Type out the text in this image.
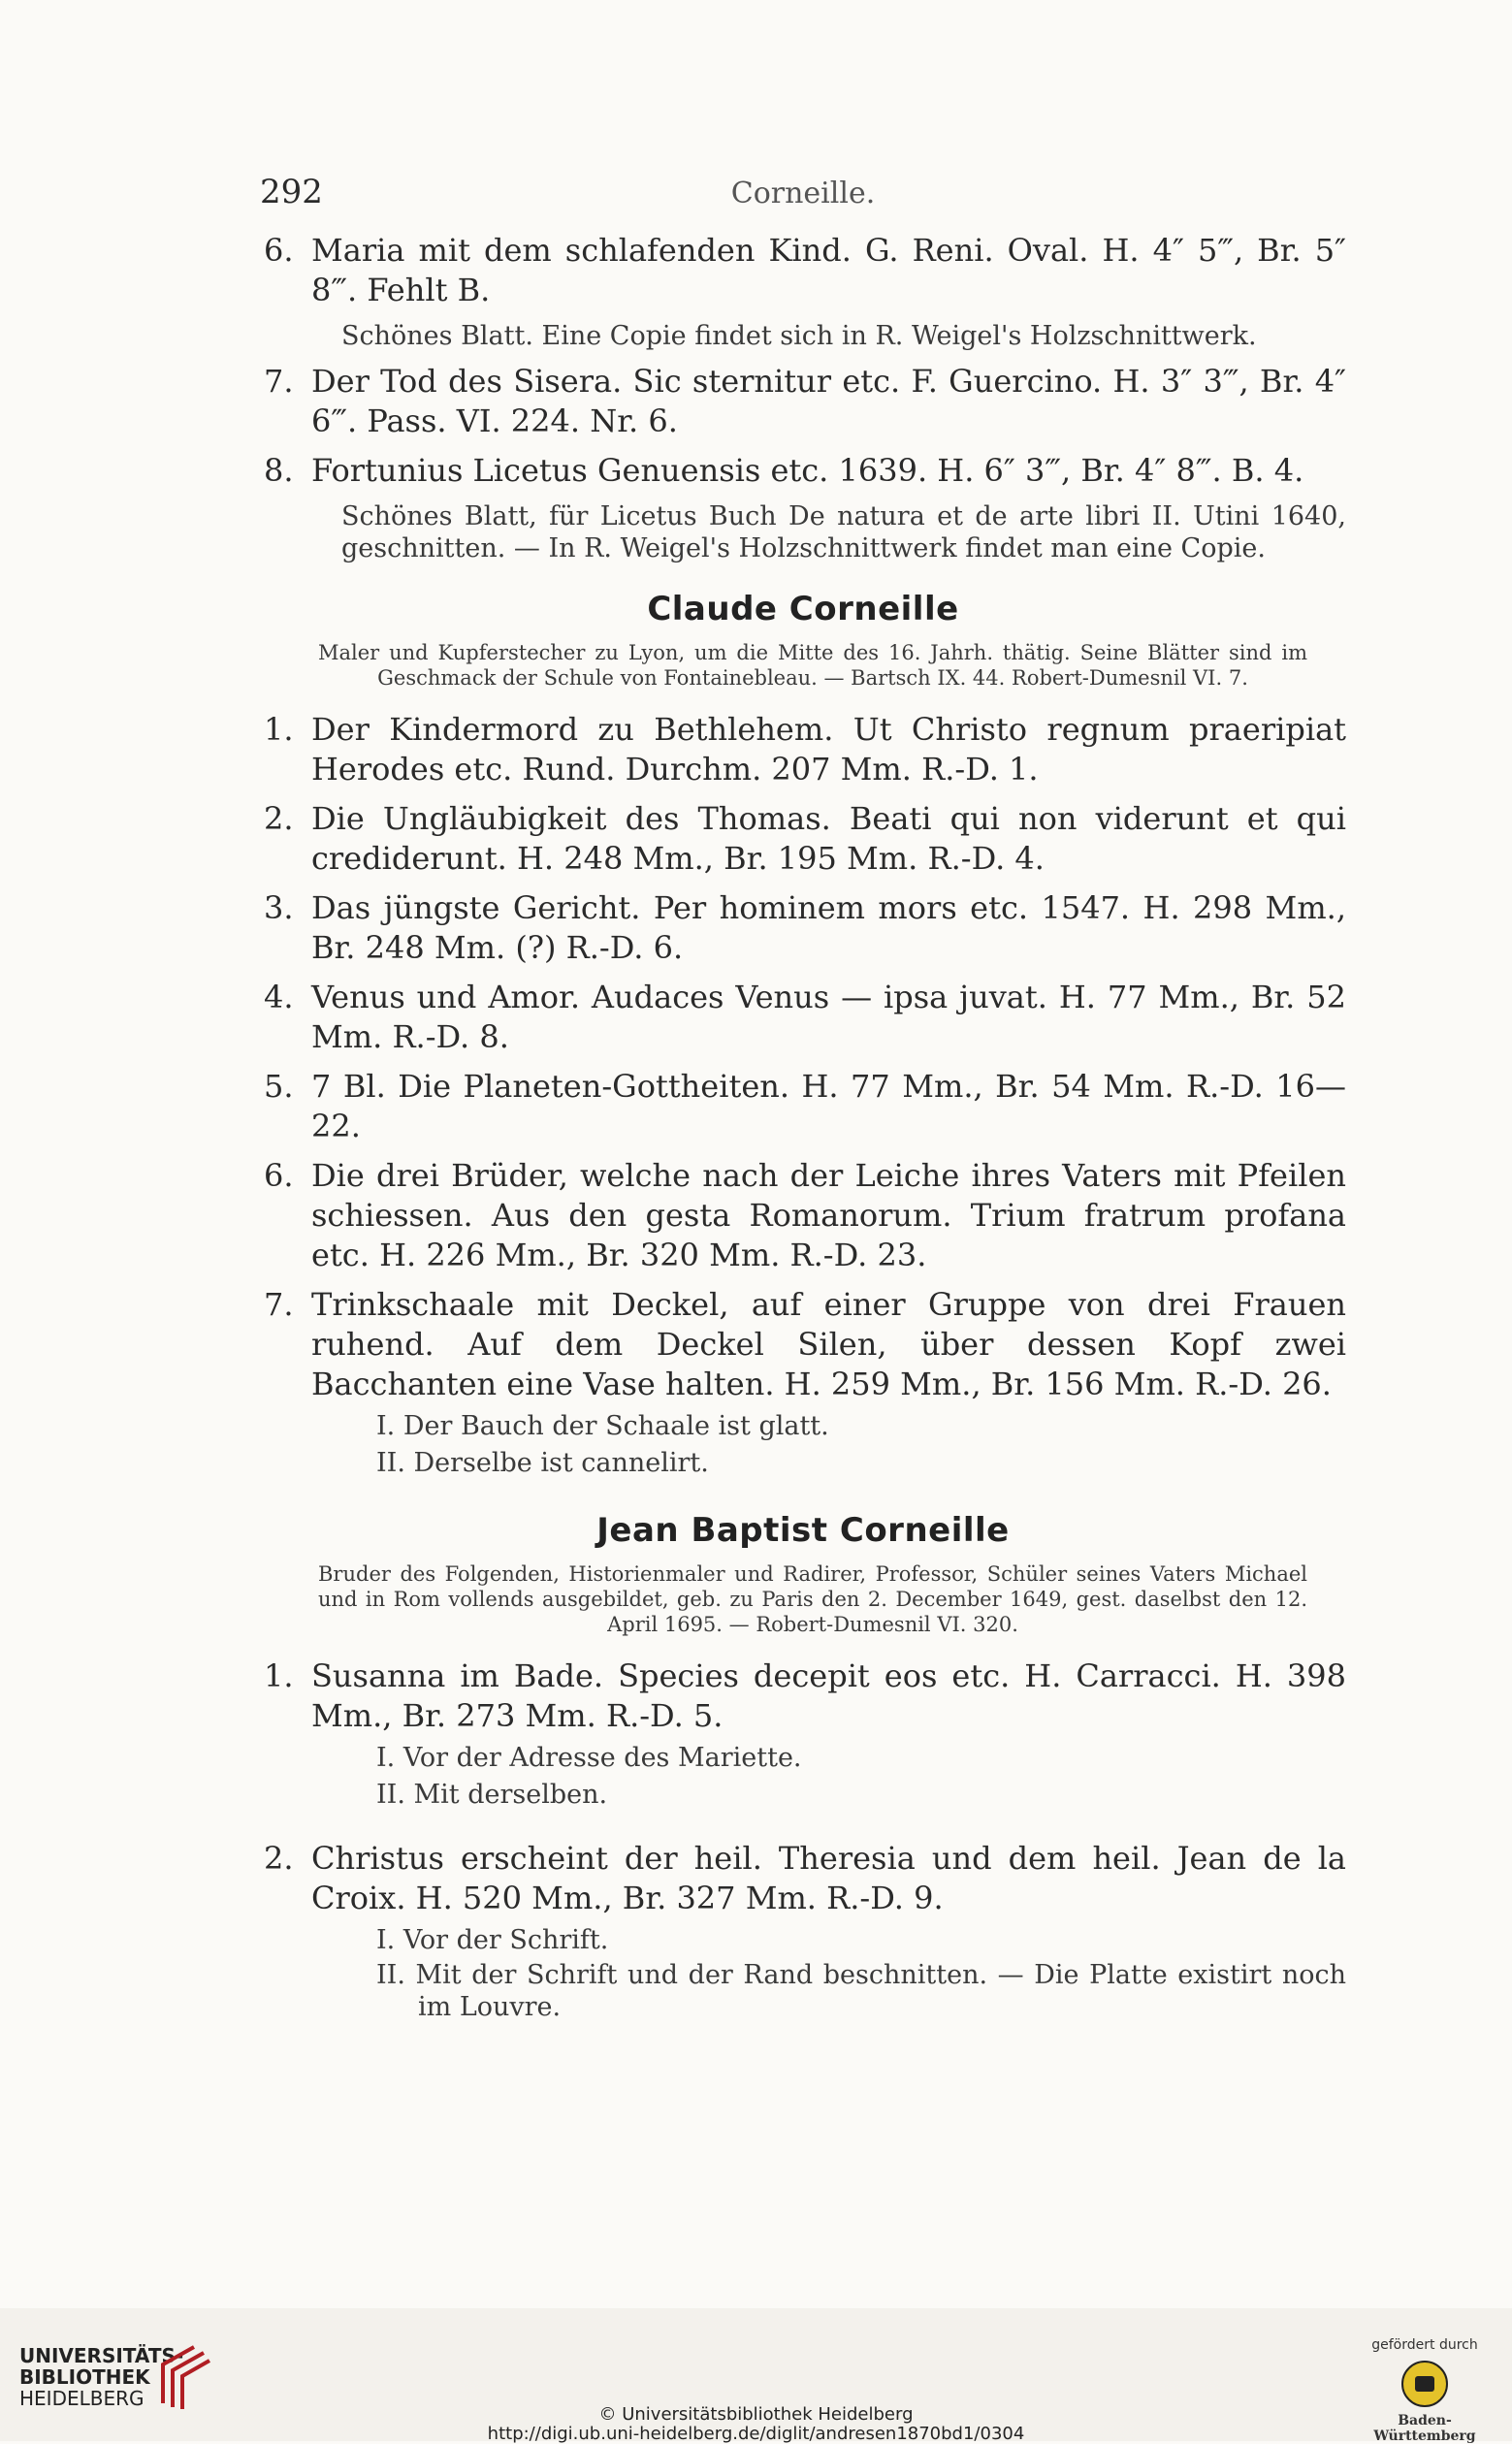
292	Corneille.
6. Maria mit dem schlafenden Kind. G. Reni. Oval. H. 4″ 5‴, Br. 5″ 8‴. Fehlt B.
Schönes Blatt. Eine Copie findet sich in R. Weigel's Holzschnittwerk.
7. Der Tod des Sisera. Sic sternitur etc. F. Guercino. H. 3″ 3‴, Br. 4″ 6‴. Pass. VI. 224. Nr. 6.
8. Fortunius Licetus Genuensis etc. 1639. H. 6″ 3‴, Br. 4″ 8‴. B. 4.
Schönes Blatt, für Licetus Buch De natura et de arte libri II. Utini 1640, geschnitten. — In R. Weigel's Holzschnittwerk findet man eine Copie.
Claude Corneille
Maler und Kupferstecher zu Lyon, um die Mitte des 16. Jahrh. thätig. Seine Blätter sind im Geschmack der Schule von Fontainebleau. — Bartsch IX. 44. Robert-Dumesnil VI. 7.
1. Der Kindermord zu Bethlehem. Ut Christo regnum praeripiat Herodes etc. Rund. Durchm. 207 Mm. R.-D. 1.
2. Die Ungläubigkeit des Thomas. Beati qui non viderunt et qui crediderunt. H. 248 Mm., Br. 195 Mm. R.-D. 4.
3. Das jüngste Gericht. Per hominem mors etc. 1547. H. 298 Mm., Br. 248 Mm. (?) R.-D. 6.
4. Venus und Amor. Audaces Venus — ipsa juvat. H. 77 Mm., Br. 52 Mm. R.-D. 8.
5. 7 Bl. Die Planeten-Gottheiten. H. 77 Mm., Br. 54 Mm. R.-D. 16—22.
6. Die drei Brüder, welche nach der Leiche ihres Vaters mit Pfeilen schiessen. Aus den gesta Romanorum. Trium fratrum profana etc. H. 226 Mm., Br. 320 Mm. R.-D. 23.
7. Trinkschaale mit Deckel, auf einer Gruppe von drei Frauen ruhend. Auf dem Deckel Silen, über dessen Kopf zwei Bacchanten eine Vase halten. H. 259 Mm., Br. 156 Mm. R.-D. 26.
I. Der Bauch der Schaale ist glatt.
II. Derselbe ist cannelirt.
Jean Baptist Corneille
Bruder des Folgenden, Historienmaler und Radirer, Professor, Schüler seines Vaters Michael und in Rom vollends ausgebildet, geb. zu Paris den 2. December 1649, gest. daselbst den 12. April 1695. — Robert-Dumesnil VI. 320.
1. Susanna im Bade. Species decepit eos etc. H. Carracci. H. 398 Mm., Br. 273 Mm. R.-D. 5.
I. Vor der Adresse des Mariette.
II. Mit derselben.
2. Christus erscheint der heil. Theresia und dem heil. Jean de la Croix. H. 520 Mm., Br. 327 Mm. R.-D. 9.
I. Vor der Schrift.
II. Mit der Schrift und der Rand beschnitten. — Die Platte existirt noch im Louvre.
UNIVERSITÄTS-
BIBLIOTHEK
HEIDELBERG
© Universitätsbibliothek Heidelberg
http://digi.ub.uni-heidelberg.de/diglit/andresen1870bd1/0304
gefördert durch
Baden-Württemberg
